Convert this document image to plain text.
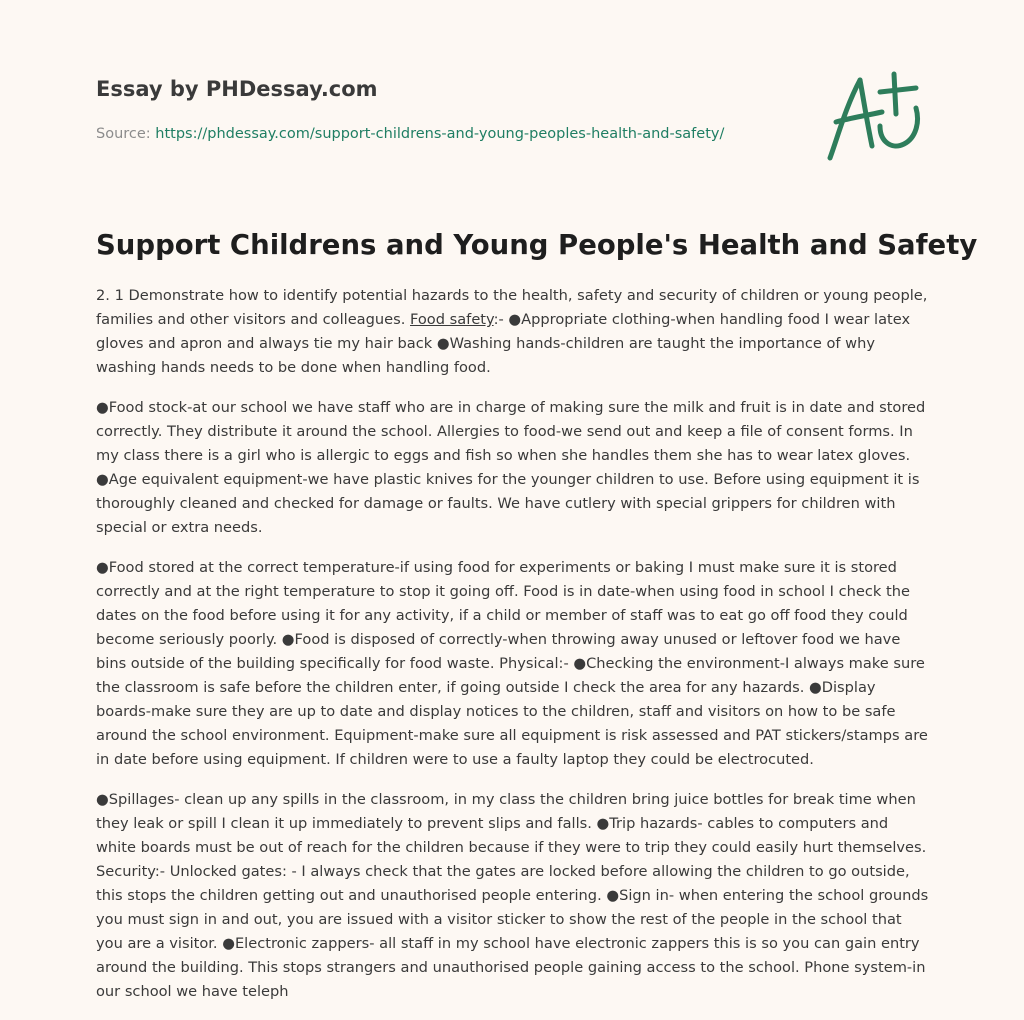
Essay by PHDessay.com
Source: https://phdessay.com/support-childrens-and-young-peoples-health-and-safety/
Support Childrens and Young People's Health and Safety

2. 1 Demonstrate how to identify potential hazards to the health, safety and security of children or young people, families and other visitors and colleagues. Food safety:- ●Appropriate clothing-when handling food I wear latex gloves and apron and always tie my hair back ●Washing hands-children are taught the importance of why washing hands needs to be done when handling food.

●Food stock-at our school we have staff who are in charge of making sure the milk and fruit is in date and stored correctly. They distribute it around the school. Allergies to food-we send out and keep a file of consent forms. In my class there is a girl who is allergic to eggs and fish so when she handles them she has to wear latex gloves. ●Age equivalent equipment-we have plastic knives for the younger children to use. Before using equipment it is thoroughly cleaned and checked for damage or faults. We have cutlery with special grippers for children with special or extra needs.

●Food stored at the correct temperature-if using food for experiments or baking I must make sure it is stored correctly and at the right temperature to stop it going off. Food is in date-when using food in school I check the dates on the food before using it for any activity, if a child or member of staff was to eat go off food they could become seriously poorly. ●Food is disposed of correctly-when throwing away unused or leftover food we have bins outside of the building specifically for food waste. Physical:- ●Checking the environment-I always make sure the classroom is safe before the children enter, if going outside I check the area for any hazards. ●Display boards-make sure they are up to date and display notices to the children, staff and visitors on how to be safe around the school environment. Equipment-make sure all equipment is risk assessed and PAT stickers/stamps are in date before using equipment. If children were to use a faulty laptop they could be electrocuted.

●Spillages- clean up any spills in the classroom, in my class the children bring juice bottles for break time when they leak or spill I clean it up immediately to prevent slips and falls. ●Trip hazards- cables to computers and white boards must be out of reach for the children because if they were to trip they could easily hurt themselves. Security:- Unlocked gates: - I always check that the gates are locked before allowing the children to go outside, this stops the children getting out and unauthorised people entering. ●Sign in- when entering the school grounds you must sign in and out, you are issued with a visitor sticker to show the rest of the people in the school that you are a visitor. ●Electronic zappers- all staff in my school have electronic zappers this is so you can gain entry around the building. This stops strangers and unauthorised people gaining access to the school. Phone system-in our school we have teleph
